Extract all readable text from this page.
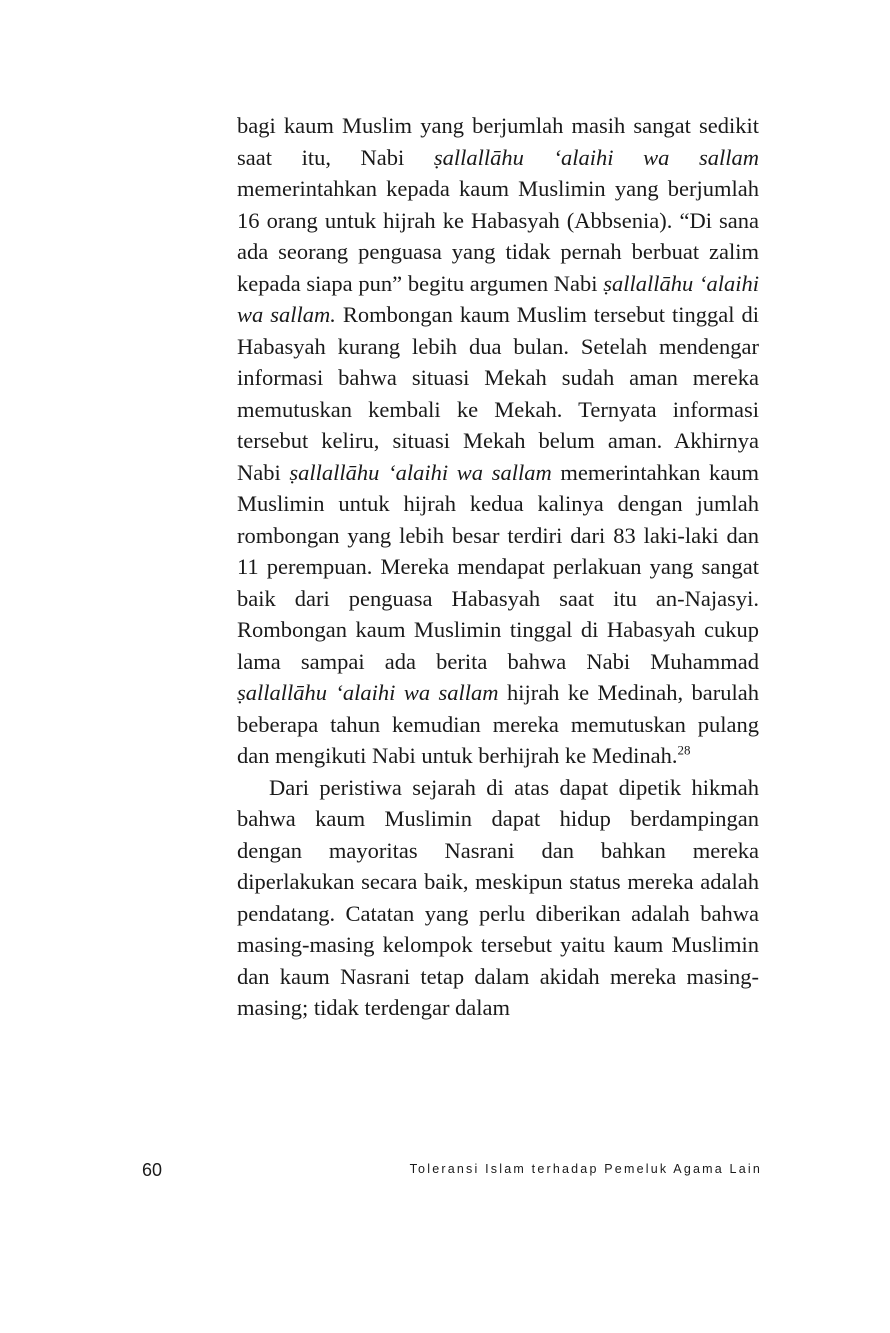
bagi kaum Muslim yang berjumlah masih sangat sedikit saat itu, Nabi ṣallallāhu ‘alaihi wa sallam memerintahkan kepada kaum Muslimin yang berjumlah 16 orang untuk hijrah ke Habasyah (Abbsenia). “Di sana ada seorang penguasa yang tidak pernah berbuat zalim kepada siapa pun” begitu argumen Nabi ṣallallāhu ‘alaihi wa sallam. Rombongan kaum Muslim tersebut tinggal di Habasyah kurang lebih dua bulan. Setelah mendengar informasi bahwa situasi Mekah sudah aman mereka memutuskan kembali ke Mekah. Ternyata informasi tersebut keliru, situasi Mekah belum aman. Akhirnya Nabi ṣallallāhu ‘alaihi wa sallam memerintahkan kaum Muslimin untuk hijrah kedua kalinya dengan jumlah rombongan yang lebih besar terdiri dari 83 laki-laki dan 11 perempuan. Mereka mendapat perlakuan yang sangat baik dari penguasa Habasyah saat itu an-Najasyi. Rombongan kaum Muslimin tinggal di Habasyah cukup lama sampai ada berita bahwa Nabi Muhammad ṣallallāhu ‘alaihi wa sallam hijrah ke Medinah, barulah beberapa tahun kemudian mereka memutuskan pulang dan mengikuti Nabi untuk berhijrah ke Medinah.$^{28}$

Dari peristiwa sejarah di atas dapat dipetik hikmah bahwa kaum Muslimin dapat hidup berdampingan dengan mayoritas Nasrani dan bahkan mereka diperlakukan secara baik, meskipun status mereka adalah pendatang. Catatan yang perlu diberikan adalah bahwa masing-masing kelompok tersebut yaitu kaum Muslimin dan kaum Nasrani tetap dalam akidah mereka masing-masing; tidak terdengar dalam

60	Toleransi Islam terhadap Pemeluk Agama Lain
